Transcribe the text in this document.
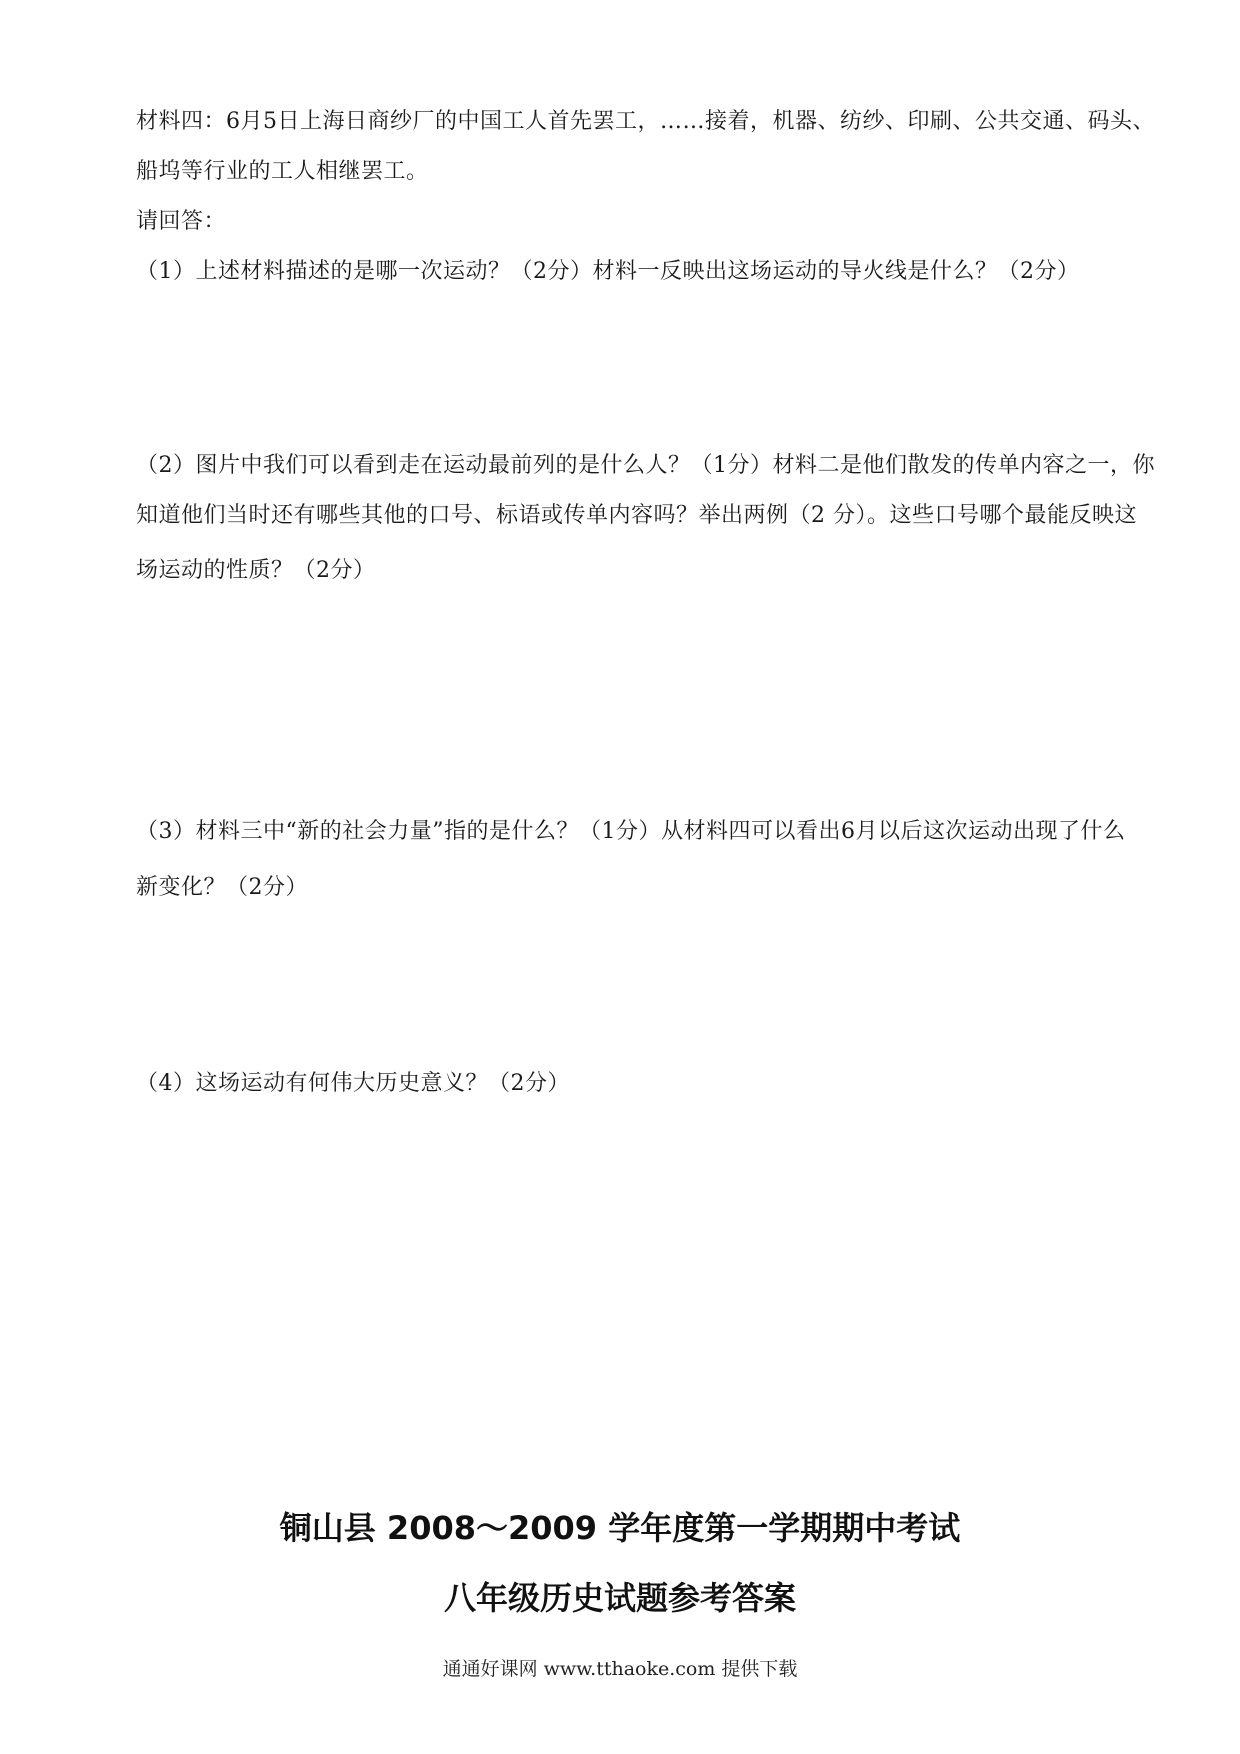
材料四：6月5日上海日商纱厂的中国工人首先罢工，……接着，机器、纺纱、印刷、公共交通、码头、
船坞等行业的工人相继罢工。
请回答：
（1）上述材料描述的是哪一次运动？（2分）材料一反映出这场运动的导火线是什么？（2分）
（2）图片中我们可以看到走在运动最前列的是什么人？（1分）材料二是他们散发的传单内容之一，你
知道他们当时还有哪些其他的口号、标语或传单内容吗？举出两例（2 分）。这些口号哪个最能反映这
场运动的性质？（2分）
（3）材料三中“新的社会力量”指的是什么？（1分）从材料四可以看出6月以后这次运动出现了什么
新变化？（2分）
（4）这场运动有何伟大历史意义？（2分）
铜山县 2008～2009 学年度第一学期期中考试
八年级历史试题参考答案
通通好课网 www.tthaoke.com 提供下载
